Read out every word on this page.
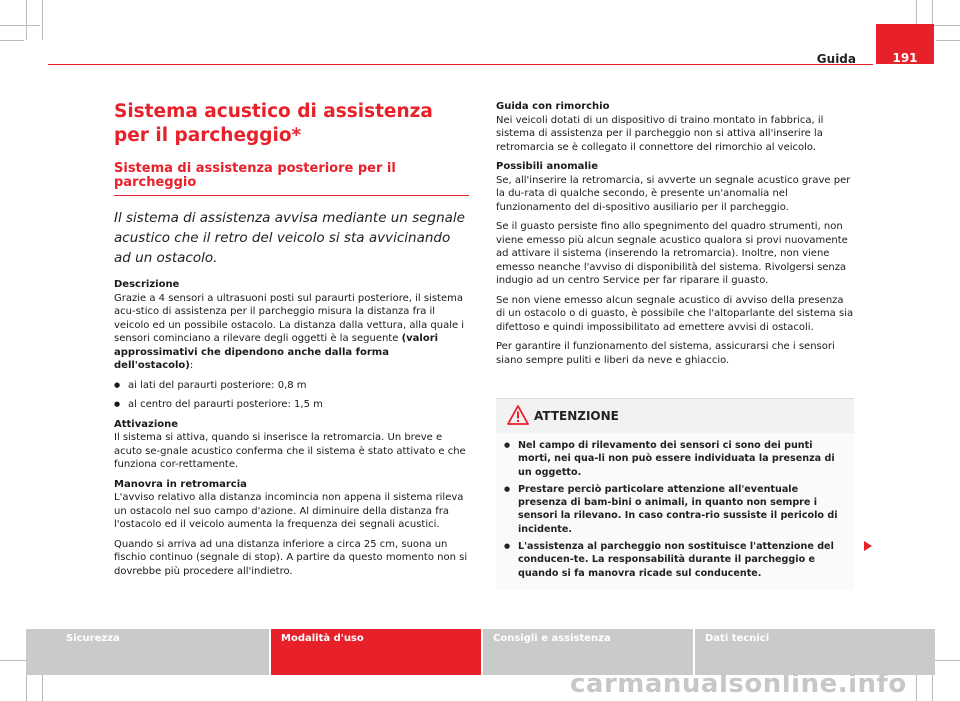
Guida	191
Sistema acustico di assistenza per il parcheggio*
Sistema di assistenza posteriore per il parcheggio

Il sistema di assistenza avvisa mediante un segnale acustico che il retro del veicolo si sta avvicinando ad un ostacolo.

Descrizione

Grazie a 4 sensori a ultrasuoni posti sul paraurti posteriore, il sistema acu-stico di assistenza per il parcheggio misura la distanza fra il veicolo ed un possibile ostacolo. La distanza dalla vettura, alla quale i sensori cominciano a rilevare degli oggetti è la seguente (valori approssimativi che dipendono anche dalla forma dell'ostacolo):

● ai lati del paraurti posteriore: 0,8 m
● al centro del paraurti posteriore: 1,5 m

Attivazione

Il sistema si attiva, quando si inserisce la retromarcia. Un breve e acuto se-gnale acustico conferma che il sistema è stato attivato e che funziona cor-rettamente.

Manovra in retromarcia

L'avviso relativo alla distanza incomincia non appena il sistema rileva un ostacolo nel suo campo d'azione. Al diminuire della distanza fra l'ostacolo ed il veicolo aumenta la frequenza dei segnali acustici.

Quando si arriva ad una distanza inferiore a circa 25 cm, suona un fischio continuo (segnale di stop). A partire da questo momento non si dovrebbe più procedere all'indietro.

Guida con rimorchio

Nei veicoli dotati di un dispositivo di traino montato in fabbrica, il sistema di assistenza per il parcheggio non si attiva all'inserire la retromarcia se è collegato il connettore del rimorchio al veicolo.

Possibili anomalie

Se, all'inserire la retromarcia, si avverte un segnale acustico grave per la du-rata di qualche secondo, è presente un'anomalia nel funzionamento del di-spositivo ausiliario per il parcheggio.

Se il guasto persiste fino allo spegnimento del quadro strumenti, non viene emesso più alcun segnale acustico qualora si provi nuovamente ad attivare il sistema (inserendo la retromarcia). Inoltre, non viene emesso neanche l'avviso di disponibilità del sistema. Rivolgersi senza indugio ad un centro Service per far riparare il guasto.

Se non viene emesso alcun segnale acustico di avviso della presenza di un ostacolo o di guasto, è possibile che l'altoparlante del sistema sia difettoso e quindi impossibilitato ad emettere avvisi di ostacoli.

Per garantire il funzionamento del sistema, assicurarsi che i sensori siano sempre puliti e liberi da neve e ghiaccio.

ATTENZIONE
● Nel campo di rilevamento dei sensori ci sono dei punti morti, nei qua-li non può essere individuata la presenza di un oggetto.
● Prestare perciò particolare attenzione all'eventuale presenza di bam-bini o animali, in quanto non sempre i sensori la rilevano. In caso contra-rio sussiste il pericolo di incidente.
● L'assistenza al parcheggio non sostituisce l'attenzione del conducen-te. La responsabilità durante il parcheggio e quando si fa manovra ricade sul conducente.
Sicurezza	Modalità d'uso	Consigli e assistenza	Dati tecnici
carmanualsonline.info
